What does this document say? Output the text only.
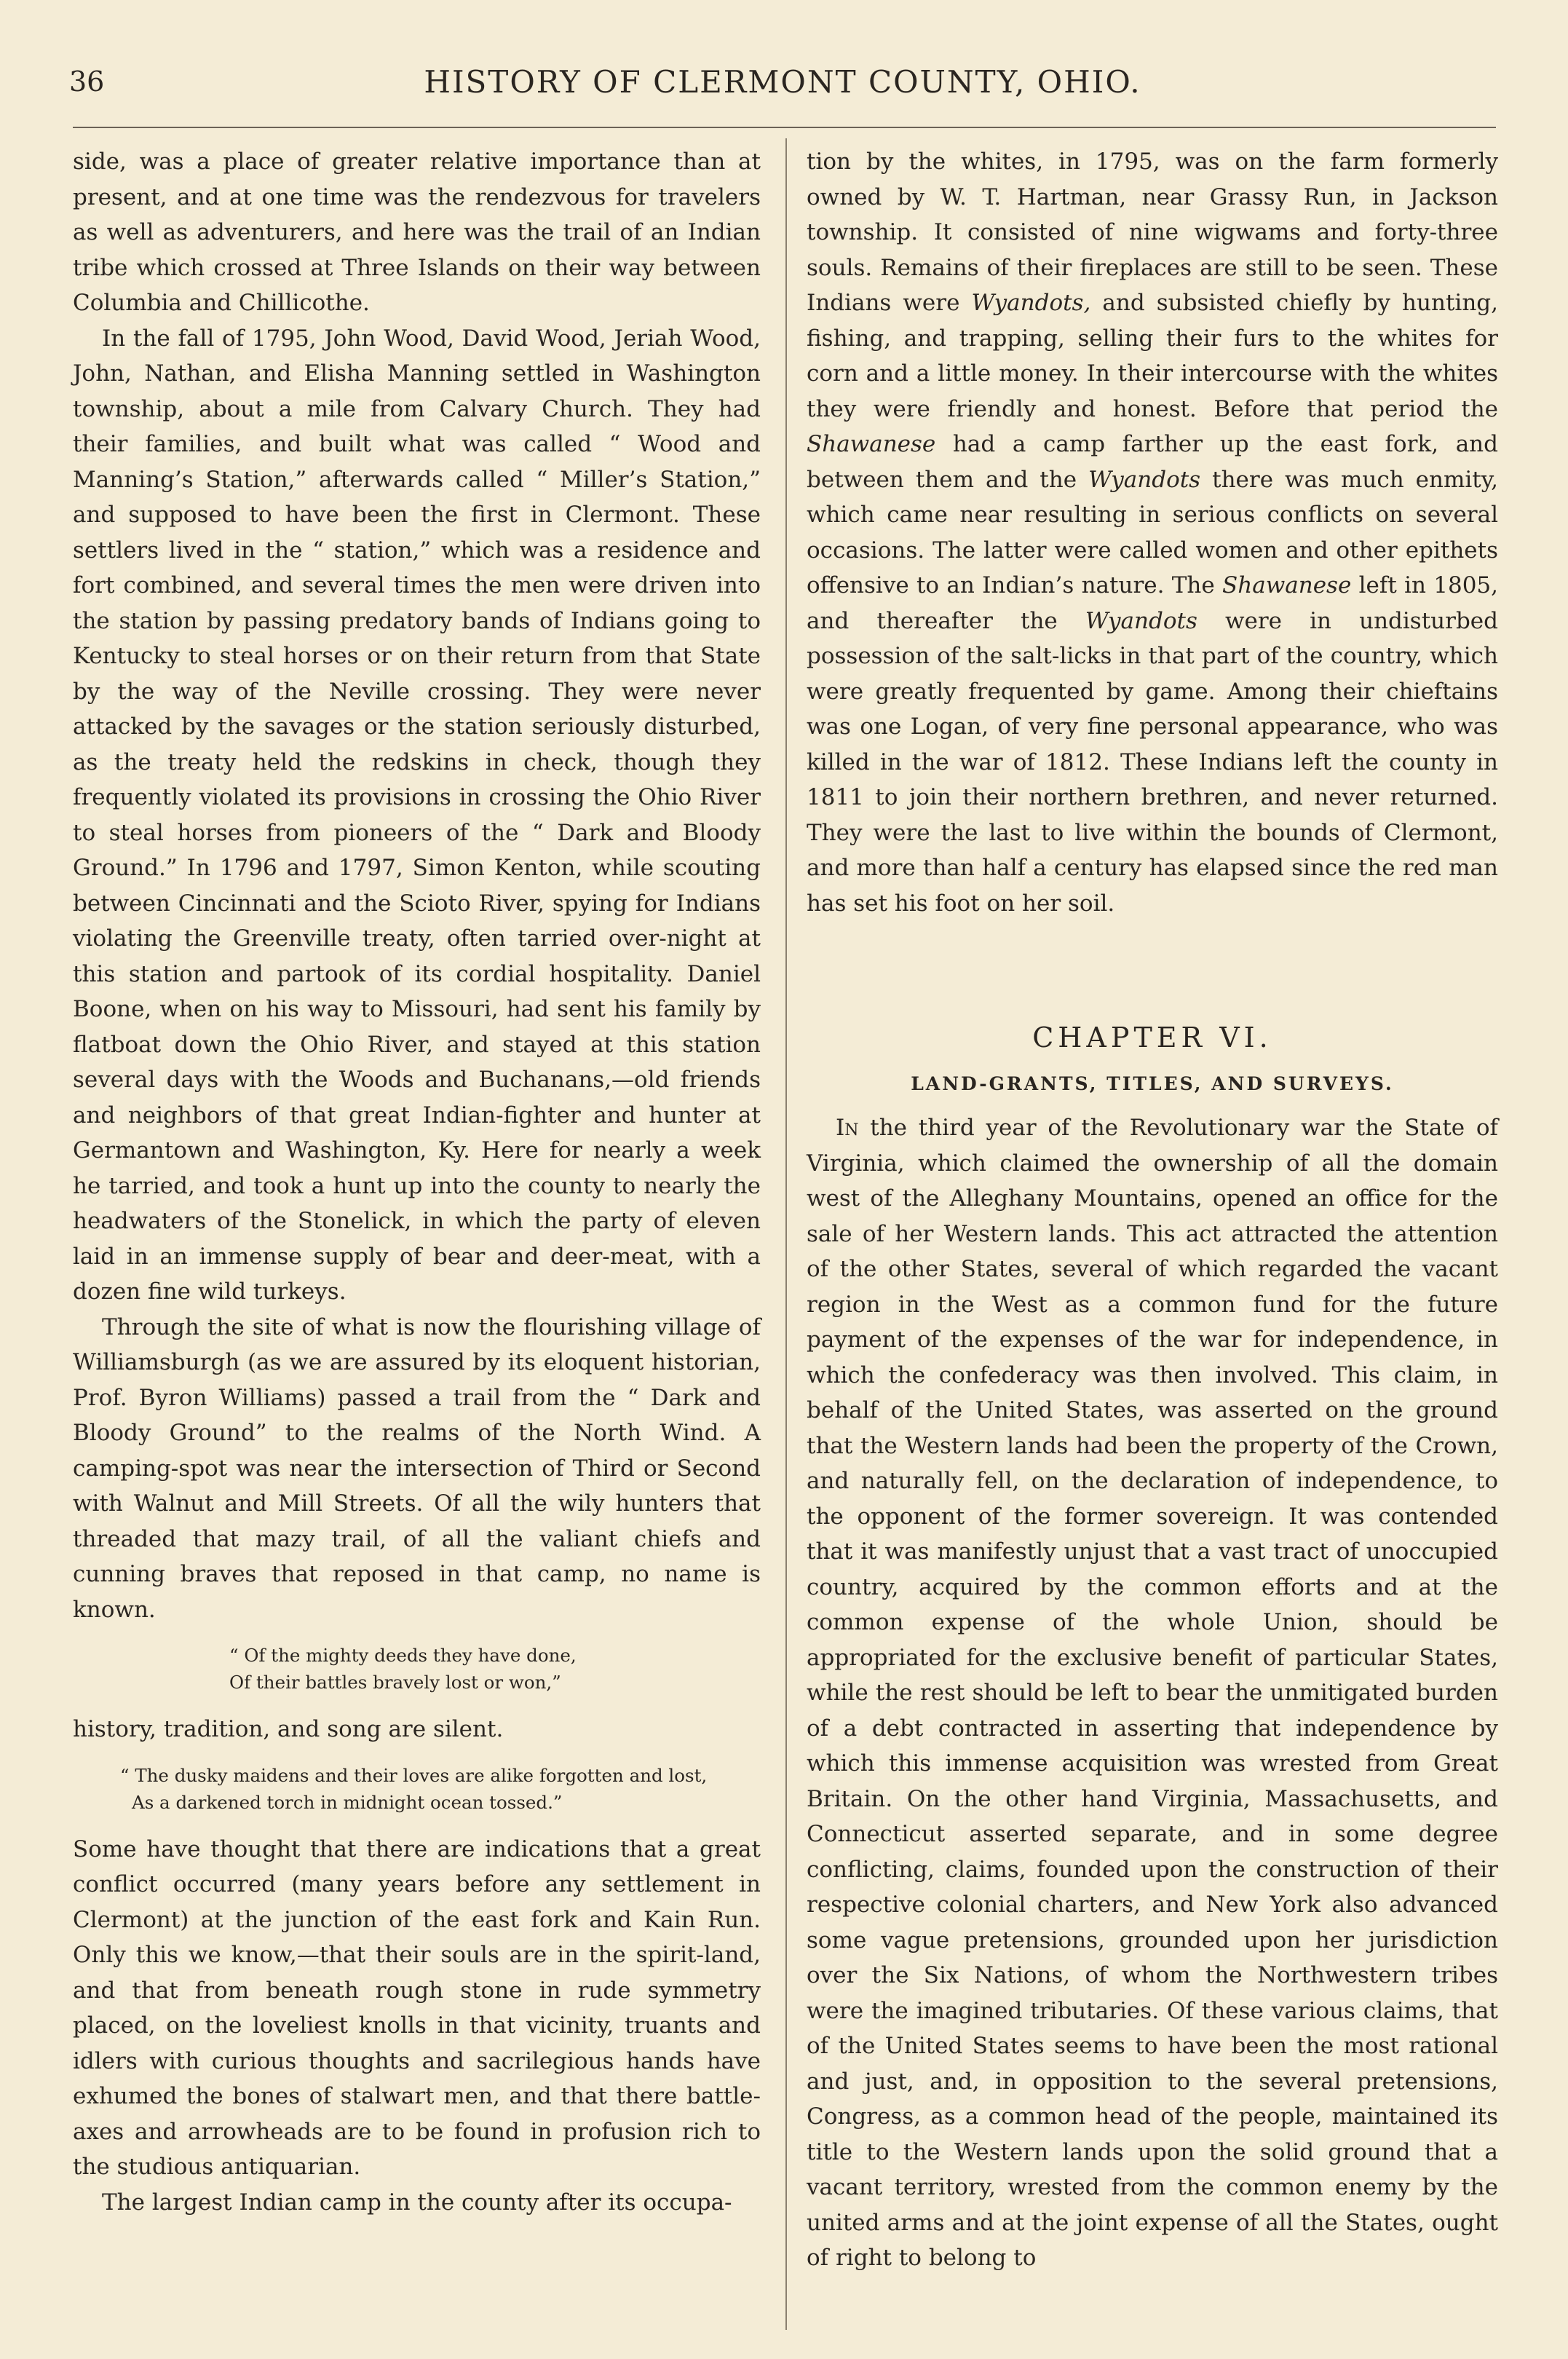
36	HISTORY OF CLERMONT COUNTY, OHIO.

side, was a place of greater relative importance than at present, and at one time was the rendezvous for travelers as well as adventurers, and here was the trail of an Indian tribe which crossed at Three Islands on their way between Columbia and Chillicothe.

In the fall of 1795, John Wood, David Wood, Jeriah Wood, John, Nathan, and Elisha Manning settled in Washington township, about a mile from Calvary Church. They had their families, and built what was called “ Wood and Manning’s Station,” afterwards called “ Miller’s Station,” and supposed to have been the first in Clermont. These settlers lived in the “ station,” which was a residence and fort combined, and several times the men were driven into the station by passing predatory bands of Indians going to Kentucky to steal horses or on their return from that State by the way of the Neville crossing. They were never attacked by the savages or the station seriously disturbed, as the treaty held the redskins in check, though they frequently violated its provisions in crossing the Ohio River to steal horses from pioneers of the “ Dark and Bloody Ground.” In 1796 and 1797, Simon Kenton, while scouting between Cincinnati and the Scioto River, spying for Indians violating the Greenville treaty, often tarried over-night at this station and partook of its cordial hospitality. Daniel Boone, when on his way to Missouri, had sent his family by flatboat down the Ohio River, and stayed at this station several days with the Woods and Buchanans,—old friends and neighbors of that great Indian-fighter and hunter at Germantown and Washington, Ky. Here for nearly a week he tarried, and took a hunt up into the county to nearly the headwaters of the Stonelick, in which the party of eleven laid in an immense supply of bear and deer-meat, with a dozen fine wild turkeys.

Through the site of what is now the flourishing village of Williamsburgh (as we are assured by its eloquent historian, Prof. Byron Williams) passed a trail from the “ Dark and Bloody Ground” to the realms of the North Wind. A camping-spot was near the intersection of Third or Second with Walnut and Mill Streets. Of all the wily hunters that threaded that mazy trail, of all the valiant chiefs and cunning braves that reposed in that camp, no name is known.

“ Of the mighty deeds they have done,
Of their battles bravely lost or won,”

history, tradition, and song are silent.

“ The dusky maidens and their loves are alike forgotten and lost,
As a darkened torch in midnight ocean tossed.”

Some have thought that there are indications that a great conflict occurred (many years before any settlement in Clermont) at the junction of the east fork and Kain Run. Only this we know,—that their souls are in the spirit-land, and that from beneath rough stone in rude symmetry placed, on the loveliest knolls in that vicinity, truants and idlers with curious thoughts and sacrilegious hands have exhumed the bones of stalwart men, and that there battle-axes and arrowheads are to be found in profusion rich to the studious antiquarian.

The largest Indian camp in the county after its occupa-

tion by the whites, in 1795, was on the farm formerly owned by W. T. Hartman, near Grassy Run, in Jackson township. It consisted of nine wigwams and forty-three souls. Remains of their fireplaces are still to be seen. These Indians were Wyandots, and subsisted chiefly by hunting, fishing, and trapping, selling their furs to the whites for corn and a little money. In their intercourse with the whites they were friendly and honest. Before that period the Shawanese had a camp farther up the east fork, and between them and the Wyandots there was much enmity, which came near resulting in serious conflicts on several occasions. The latter were called women and other epithets offensive to an Indian’s nature. The Shawanese left in 1805, and thereafter the Wyandots were in undisturbed possession of the salt-licks in that part of the country, which were greatly frequented by game. Among their chieftains was one Logan, of very fine personal appearance, who was killed in the war of 1812. These Indians left the county in 1811 to join their northern brethren, and never returned. They were the last to live within the bounds of Clermont, and more than half a century has elapsed since the red man has set his foot on her soil.

CHAPTER VI.
LAND-GRANTS, TITLES, AND SURVEYS.

In the third year of the Revolutionary war the State of Virginia, which claimed the ownership of all the domain west of the Alleghany Mountains, opened an office for the sale of her Western lands. This act attracted the attention of the other States, several of which regarded the vacant region in the West as a common fund for the future payment of the expenses of the war for independence, in which the confederacy was then involved. This claim, in behalf of the United States, was asserted on the ground that the Western lands had been the property of the Crown, and naturally fell, on the declaration of independence, to the opponent of the former sovereign. It was contended that it was manifestly unjust that a vast tract of unoccupied country, acquired by the common efforts and at the common expense of the whole Union, should be appropriated for the exclusive benefit of particular States, while the rest should be left to bear the unmitigated burden of a debt contracted in asserting that independence by which this immense acquisition was wrested from Great Britain. On the other hand Virginia, Massachusetts, and Connecticut asserted separate, and in some degree conflicting, claims, founded upon the construction of their respective colonial charters, and New York also advanced some vague pretensions, grounded upon her jurisdiction over the Six Nations, of whom the Northwestern tribes were the imagined tributaries. Of these various claims, that of the United States seems to have been the most rational and just, and, in opposition to the several pretensions, Congress, as a common head of the people, maintained its title to the Western lands upon the solid ground that a vacant territory, wrested from the common enemy by the united arms and at the joint expense of all the States, ought of right to belong to
